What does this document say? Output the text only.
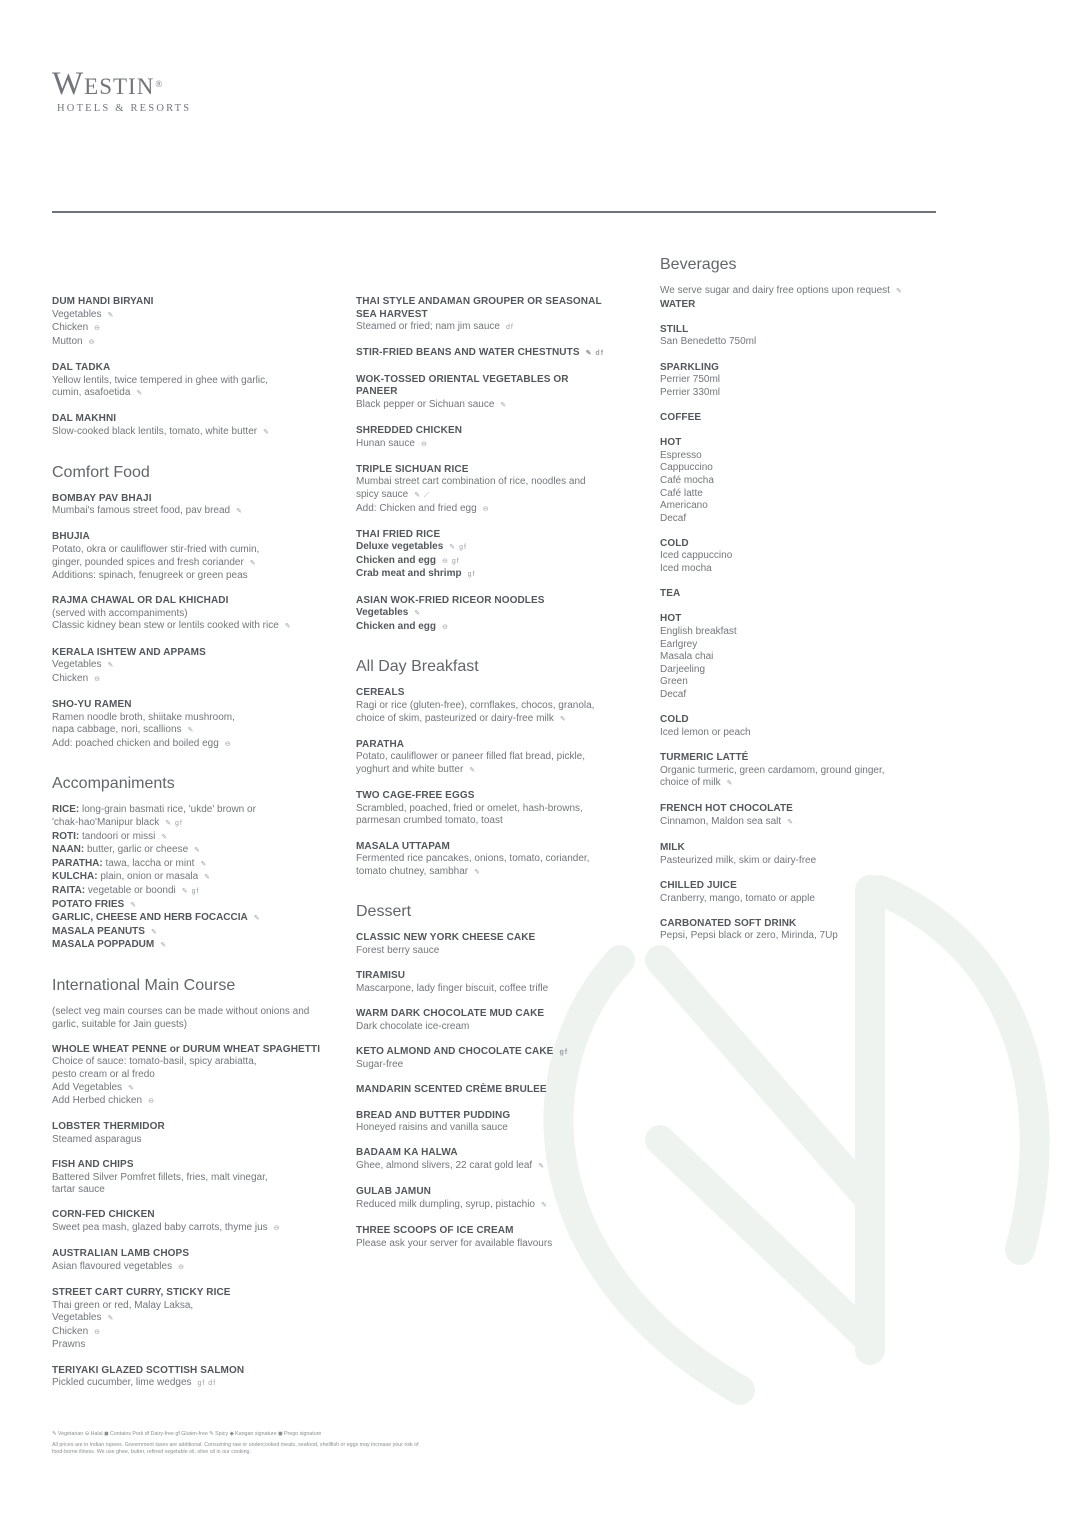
Westin®
HOTELS & RESORTS
DUM HANDI BIRYANI
Vegetables ✎
Chicken ⊖
Mutton ⊖
DAL TADKA
Yellow lentils, twice tempered in ghee with garlic,
cumin, asafoetida ✎
DAL MAKHNI
Slow-cooked black lentils, tomato, white butter ✎
Comfort Food
BOMBAY PAV BHAJI
Mumbai's famous street food, pav bread ✎
BHUJIA
Potato, okra or cauliflower stir-fried with cumin,
ginger, pounded spices and fresh coriander ✎
Additions: spinach, fenugreek or green peas
RAJMA CHAWAL OR DAL KHICHADI
(served with accompaniments)
Classic kidney bean stew or lentils cooked with rice ✎
KERALA ISHTEW AND APPAMS
Vegetables ✎
Chicken ⊖
SHO-YU RAMEN
Ramen noodle broth, shiitake mushroom,
napa cabbage, nori, scallions ✎
Add: poached chicken and boiled egg ⊖
Accompaniments
RICE: long-grain basmati rice, 'ukde' brown or
'chak-hao'Manipur black ✎ gf
ROTI: tandoori or missi ✎
NAAN: butter, garlic or cheese ✎
PARATHA: tawa, laccha or mint ✎
KULCHA: plain, onion or masala ✎
RAITA: vegetable or boondi ✎ gf
POTATO FRIES ✎
GARLIC, CHEESE AND HERB FOCACCIA ✎
MASALA PEANUTS ✎
MASALA POPPADUM ✎
International Main Course
(select veg main courses can be made without onions and
garlic, suitable for Jain guests)
WHOLE WHEAT PENNE or DURUM WHEAT SPAGHETTI
Choice of sauce: tomato-basil, spicy arabiatta,
pesto cream or al fredo
Add Vegetables ✎
Add Herbed chicken ⊖
LOBSTER THERMIDOR
Steamed asparagus
FISH AND CHIPS
Battered Silver Pomfret fillets, fries, malt vinegar,
tartar sauce
CORN-FED CHICKEN
Sweet pea mash, glazed baby carrots, thyme jus ⊖
AUSTRALIAN LAMB CHOPS
Asian flavoured vegetables ⊖
STREET CART CURRY, STICKY RICE
Thai green or red, Malay Laksa,
Vegetables ✎
Chicken ⊖
Prawns
TERIYAKI GLAZED SCOTTISH SALMON
Pickled cucumber, lime wedges gf df
THAI STYLE ANDAMAN GROUPER OR SEASONAL SEA HARVEST
Steamed or fried; nam jim sauce df
STIR-FRIED BEANS AND WATER CHESTNUTS ✎ df
WOK-TOSSED ORIENTAL VEGETABLES OR PANEER
Black pepper or Sichuan sauce ✎
SHREDDED CHICKEN
Hunan sauce ⊖
TRIPLE SICHUAN RICE
Mumbai street cart combination of rice, noodles and
spicy sauce ✎ ⟋
Add: Chicken and fried egg ⊖
THAI FRIED RICE
Deluxe vegetables ✎ gf
Chicken and egg ⊖ gf
Crab meat and shrimp gf
ASIAN WOK-FRIED RICEOR NOODLES
Vegetables ✎
Chicken and egg ⊖
All Day Breakfast
CEREALS
Ragi or rice (gluten-free), cornflakes, chocos, granola,
choice of skim, pasteurized or dairy-free milk ✎
PARATHA
Potato, cauliflower or paneer filled flat bread, pickle,
yoghurt and white butter ✎
TWO CAGE-FREE EGGS
Scrambled, poached, fried or omelet, hash-browns,
parmesan crumbed tomato, toast
MASALA UTTAPAM
Fermented rice pancakes, onions, tomato, coriander,
tomato chutney, sambhar ✎
Dessert
CLASSIC NEW YORK CHEESE CAKE
Forest berry sauce
TIRAMISU
Mascarpone, lady finger biscuit, coffee trifle
WARM DARK CHOCOLATE MUD CAKE
Dark chocolate ice-cream
KETO ALMOND AND CHOCOLATE CAKE gf
Sugar-free
MANDARIN SCENTED CRÈME BRULEE
BREAD AND BUTTER PUDDING
Honeyed raisins and vanilla sauce
BADAAM KA HALWA
Ghee, almond slivers, 22 carat gold leaf ✎
GULAB JAMUN
Reduced milk dumpling, syrup, pistachio ✎
THREE SCOOPS OF ICE CREAM
Please ask your server for available flavours
Beverages
We serve sugar and dairy free options upon request ✎
WATER
STILL
San Benedetto 750ml
SPARKLING
Perrier 750ml
Perrier 330ml
COFFEE
HOT
Espresso
Cappuccino
Café mocha
Café latte
Americano
Decaf
COLD
Iced cappuccino
Iced mocha
TEA
HOT
English breakfast
Earlgrey
Masala chai
Darjeeling
Green
Decaf
COLD
Iced lemon or peach
TURMERIC LATTÉ
Organic turmeric, green cardamom, ground ginger,
choice of milk ✎
FRENCH HOT CHOCOLATE
Cinnamon, Maldon sea salt ✎
MILK
Pasteurized milk, skim or dairy-free
CHILLED JUICE
Cranberry, mango, tomato or apple
CARBONATED SOFT DRINK
Pepsi, Pepsi black or zero, Mirinda, 7Up
✎ Vegetarian ⊖ Halal ◼ Contains Pork df Dairy-free gf Gluten-free ✎ Spicy ◆ Kangan signature ◼ Prego signature
All prices are in Indian rupees. Government taxes are additional. Consuming raw or undercooked meats, seafood, shellfish or eggs may increase your risk of
food-borne illness. We use ghee, butter, refined vegetable oil, olive oil in our cooking.
